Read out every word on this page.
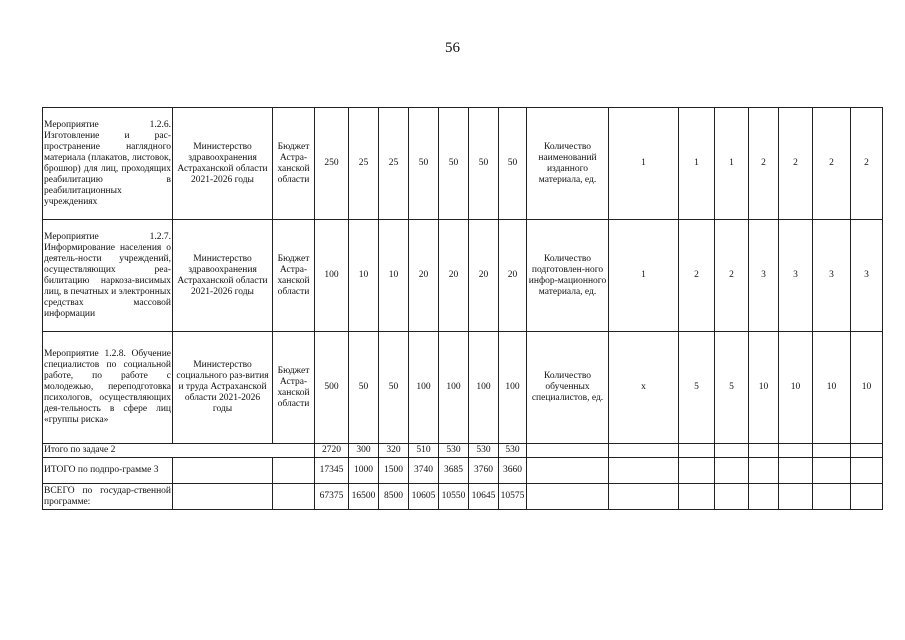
56
Мероприятие 1.2.6. Изготовление и рас-пространение наглядного материала (плакатов, листовок, брошюр) для лиц, проходящих реабилитацию в реабилитационных учреждениях	Министерство здравоохранения Астраханской области 2021-2026 годы	Бюджет Астра-ханской области	250	25	25	50	50	50	50	Количество наименований изданного материала, ед.	1	1	1	2	2	2	2
Мероприятие 1.2.7. Информирование населения о деятель-ности учреждений, осуществляющих реа-билитацию наркоза-висимых лиц, в печатных и электронных средствах массовой информации	Министерство здравоохранения Астраханской области 2021-2026 годы	Бюджет Астра-ханской области	100	10	10	20	20	20	20	Количество подготовлен-ного инфор-мационного материала, ед.	1	2	2	3	3	3	3
Мероприятие 1.2.8. Обучение специалистов по социальной работе, по работе с молодежью, переподготовка психологов, осуществляющих дея-тельность в сфере лиц «группы риска»	Министерство социального раз-вития и труда Астраханской области 2021-2026 годы	Бюджет Астра-ханской области	500	50	50	100	100	100	100	Количество обученных специалистов, ед.	х	5	5	10	10	10	10
Итого по задаче 2			2720	300	320	510	530	530	530								
ИТОГО по подпро-грамме 3			17345	1000	1500	3740	3685	3760	3660								
ВСЕГО по государ-ственной программе:			67375	16500	8500	10605	10550	10645	10575								
